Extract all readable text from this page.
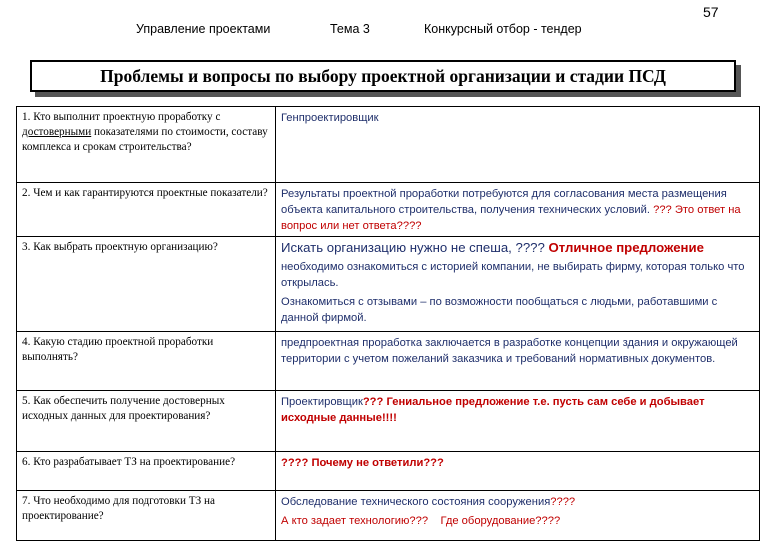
Управление проектами	Тема 3	Конкурсный отбор - тендер
57
Проблемы и вопросы по выбору проектной организации и стадии ПСД
1. Кто выполнит проектную проработку с достоверными показателями по стоимости, составу комплекса и срокам строительства?	Генпроектировщик
2. Чем и как гарантируются проектные показатели?	Результаты проектной проработки потребуются для согласования места размещения объекта капитального строительства, получения технических условий. ??? Это ответ на вопрос или нет ответа????
3. Как выбрать проектную организацию?	Искать организацию нужно не спеша, ???? Отличное предложение

необходимо ознакомиться с историей компании, не выбирать фирму, которая только что открылась.

Ознакомиться с отзывами – по возможности пообщаться с людьми, работавшими с данной фирмой.

4. Какую стадию проектной проработки выполнять?	предпроектная проработка заключается в разработке концепции здания и окружающей территории с учетом пожеланий заказчика и требований нормативных документов.
5. Как обеспечить получение достоверных исходных данных для проектирования?	Проектировщик??? Гениальное предложение т.е. пусть сам себе и добывает исходные данные!!!!
6. Кто разрабатывает ТЗ на проектирование?	???? Почему не ответили???
7. Что необходимо для подготовки ТЗ на проектирование?	Обследование технического состояния сооружения????

А кто задает технологию???    Где оборудование????
